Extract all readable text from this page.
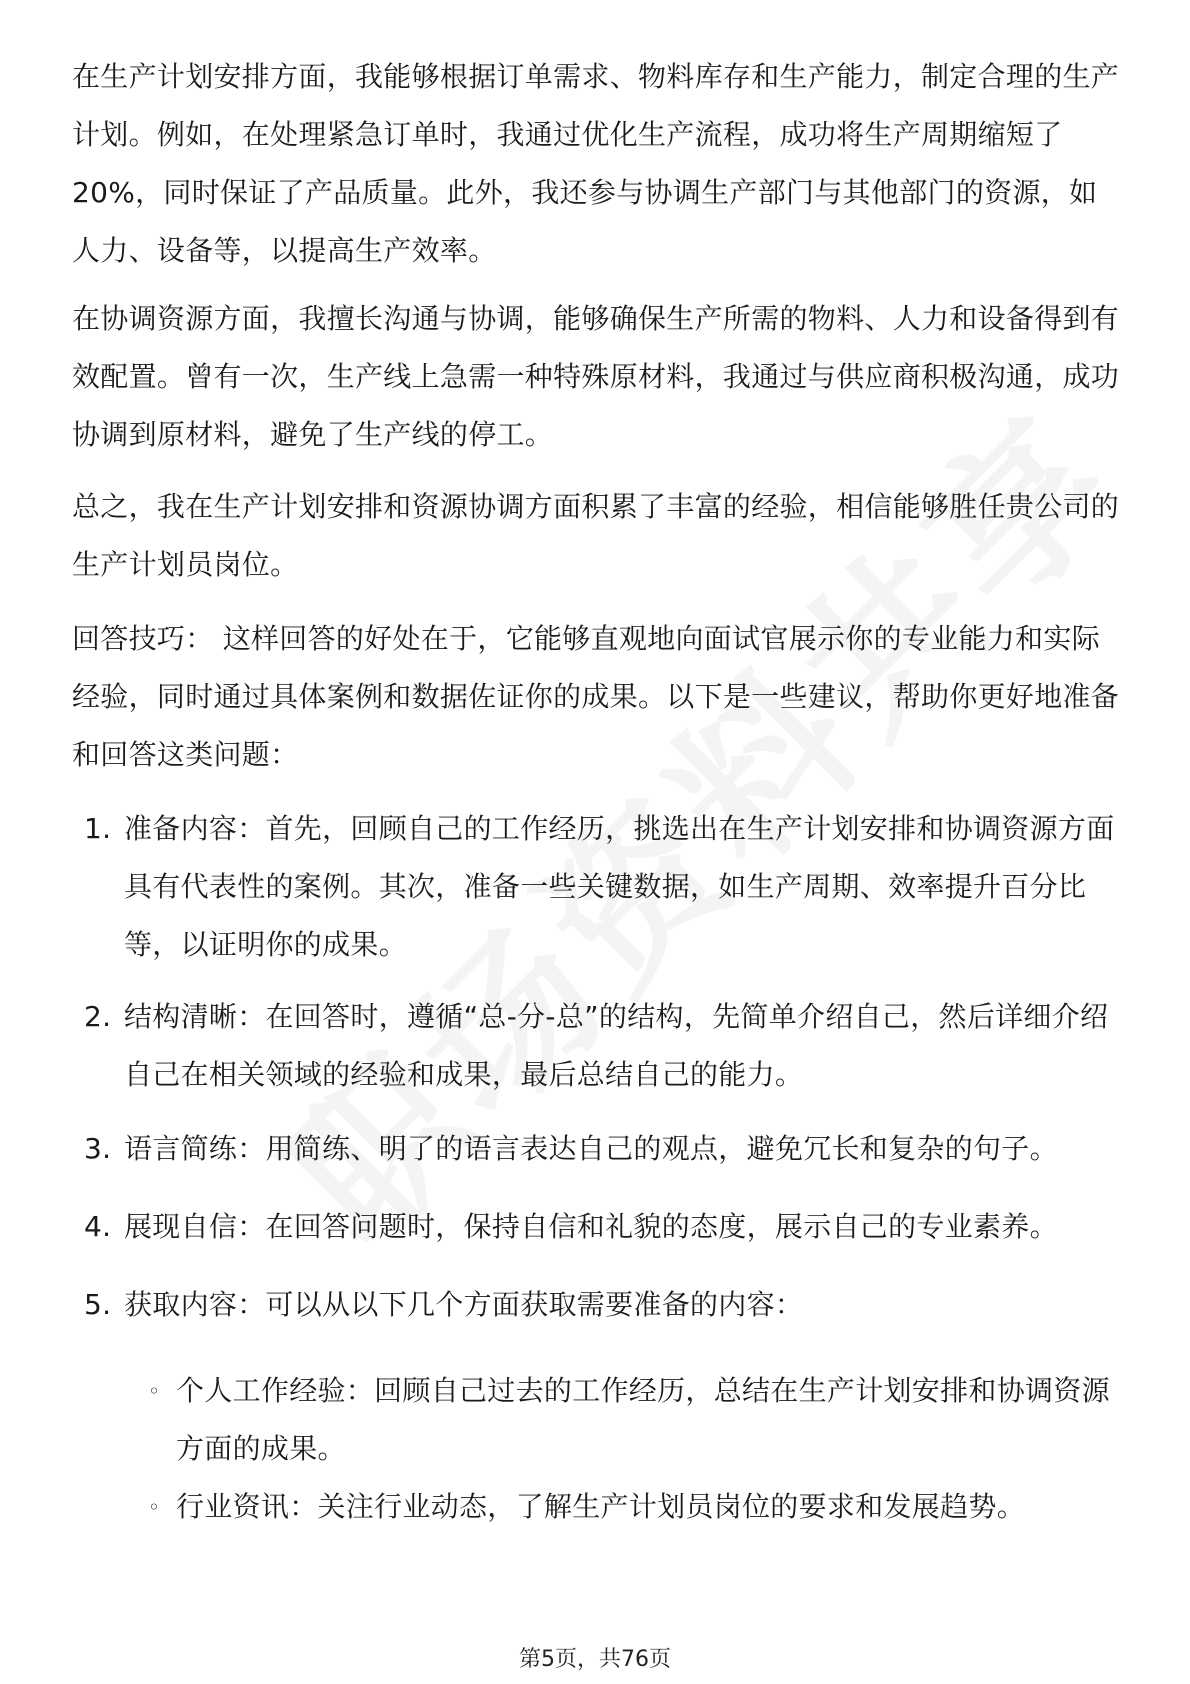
在生产计划安排方面，我能够根据订单需求、物料库存和生产能力，制定合理的生产计划。例如，在处理紧急订单时，我通过优化生产流程，成功将生产周期缩短了20%，同时保证了产品质量。此外，我还参与协调生产部门与其他部门的资源，如人力、设备等，以提高生产效率。

在协调资源方面，我擅长沟通与协调，能够确保生产所需的物料、人力和设备得到有效配置。曾有一次，生产线上急需一种特殊原材料，我通过与供应商积极沟通，成功协调到原材料，避免了生产线的停工。

总之，我在生产计划安排和资源协调方面积累了丰富的经验，相信能够胜任贵公司的生产计划员岗位。

回答技巧： 这样回答的好处在于，它能够直观地向面试官展示你的专业能力和实际经验，同时通过具体案例和数据佐证你的成果。以下是一些建议，帮助你更好地准备和回答这类问题：

1. 准备内容：首先，回顾自己的工作经历，挑选出在生产计划安排和协调资源方面具有代表性的案例。其次，准备一些关键数据，如生产周期、效率提升百分比等，以证明你的成果。
2. 结构清晰：在回答时，遵循“总-分-总”的结构，先简单介绍自己，然后详细介绍自己在相关领域的经验和成果，最后总结自己的能力。
3. 语言简练：用简练、明了的语言表达自己的观点，避免冗长和复杂的句子。
4. 展现自信：在回答问题时，保持自信和礼貌的态度，展示自己的专业素养。
5. 获取内容：可以从以下几个方面获取需要准备的内容：
◦ 个人工作经验：回顾自己过去的工作经历，总结在生产计划安排和协调资源方面的成果。
◦ 行业资讯：关注行业动态，了解生产计划员岗位的要求和发展趋势。
第5页，共76页
